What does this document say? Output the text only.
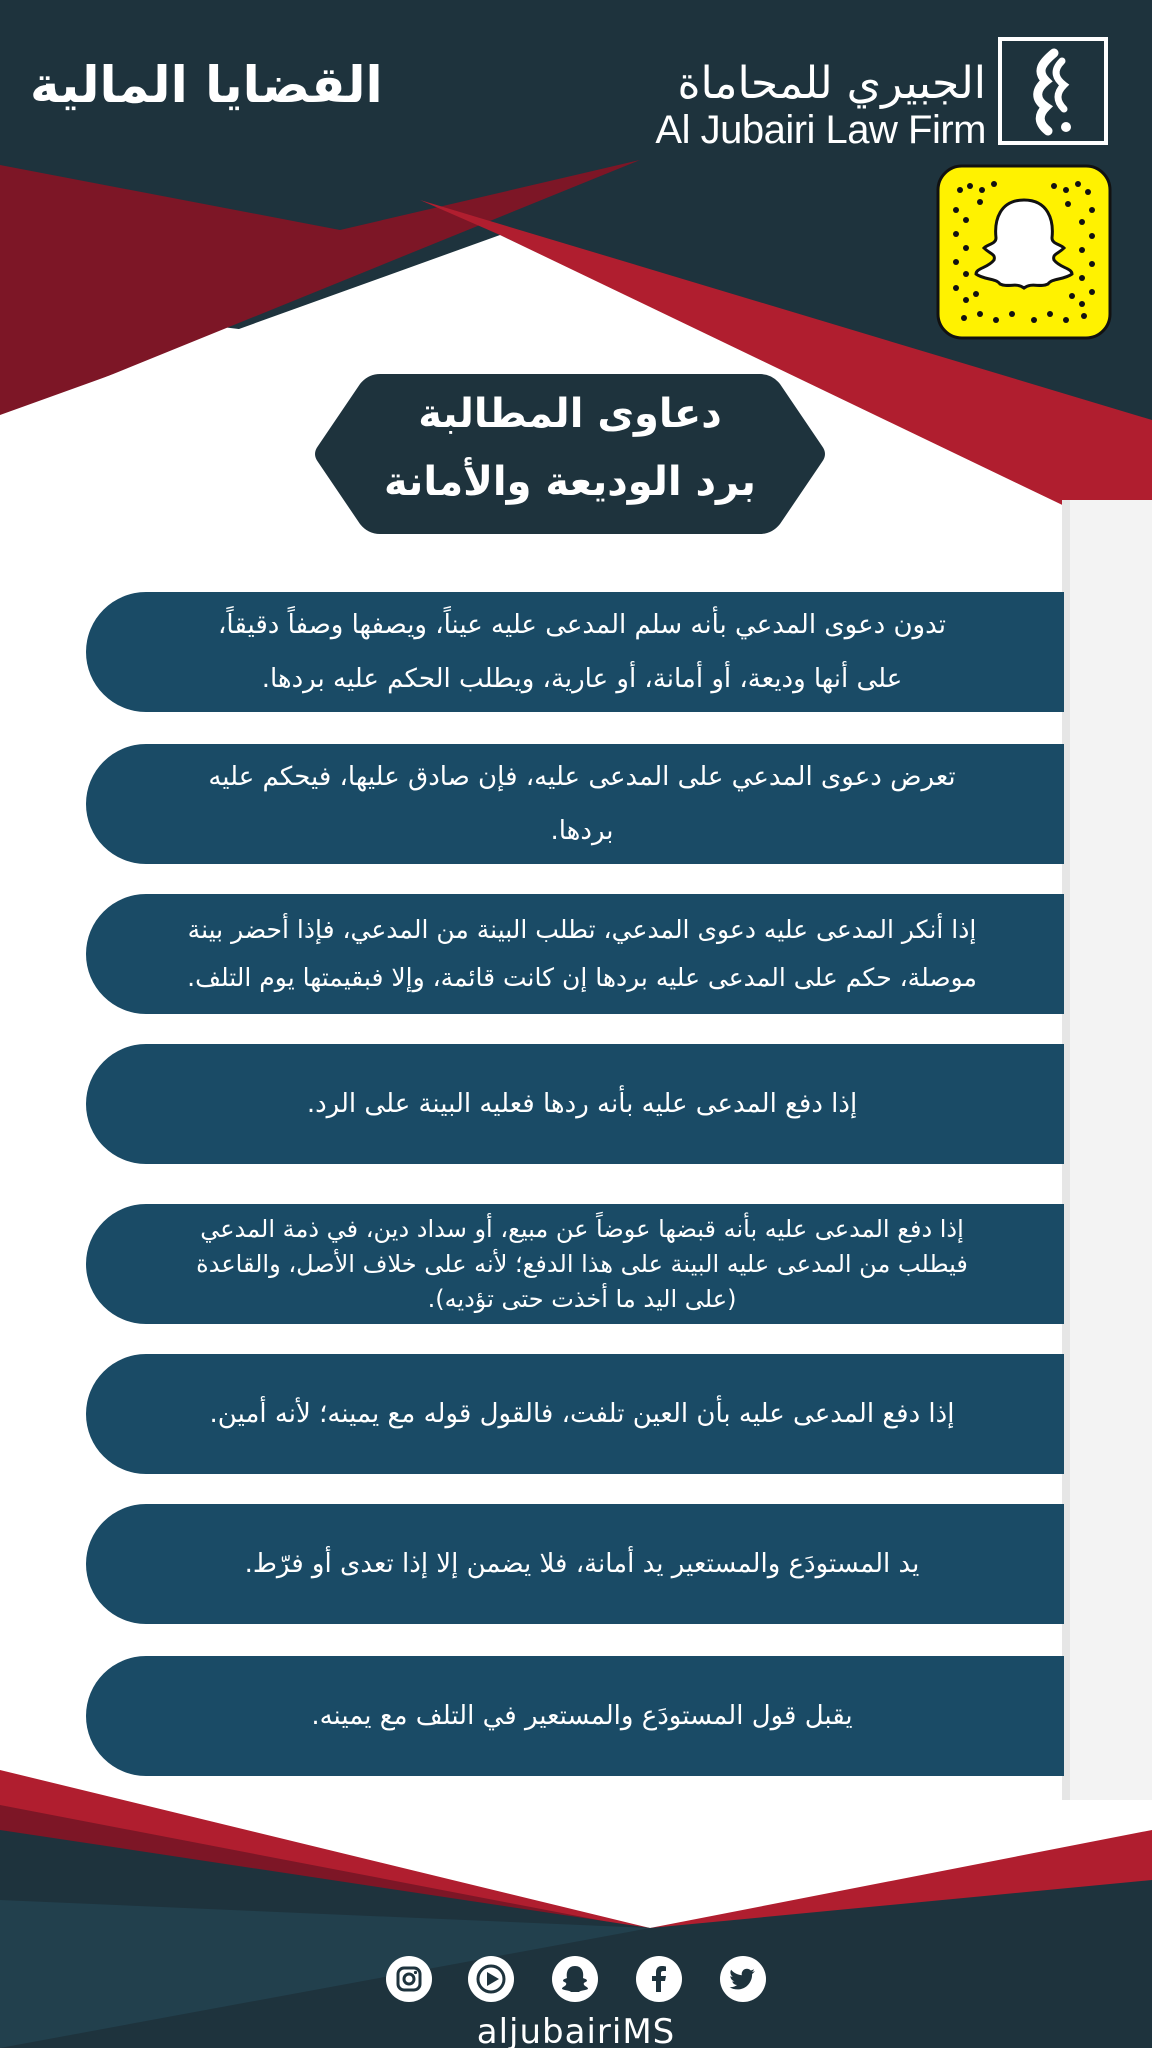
القضايا المالية	الجبيري للمحاماة
Al Jubairi Law Firm
دعاوى المطالبة
برد الوديعة والأمانة
تدون دعوى المدعي بأنه سلم المدعى عليه عيناً، ويصفها وصفاً دقيقاً،
على أنها وديعة، أو أمانة، أو عارية، ويطلب الحكم عليه بردها.
تعرض دعوى المدعي على المدعى عليه، فإن صادق عليها، فيحكم عليه
بردها.
إذا أنكر المدعى عليه دعوى المدعي، تطلب البينة من المدعي، فإذا أحضر بينة
موصلة، حكم على المدعى عليه بردها إن كانت قائمة، وإلا فبقيمتها يوم التلف.
إذا دفع المدعى عليه بأنه ردها فعليه البينة على الرد.
إذا دفع المدعى عليه بأنه قبضها عوضاً عن مبيع، أو سداد دين، في ذمة المدعي
فيطلب من المدعى عليه البينة على هذا الدفع؛ لأنه على خلاف الأصل، والقاعدة
(على اليد ما أخذت حتى تؤديه).
إذا دفع المدعى عليه بأن العين تلفت، فالقول قوله مع يمينه؛ لأنه أمين.
يد المستودَع والمستعير يد أمانة، فلا يضمن إلا إذا تعدى أو فرّط.
يقبل قول المستودَع والمستعير في التلف مع يمينه.
aljubairiMS
